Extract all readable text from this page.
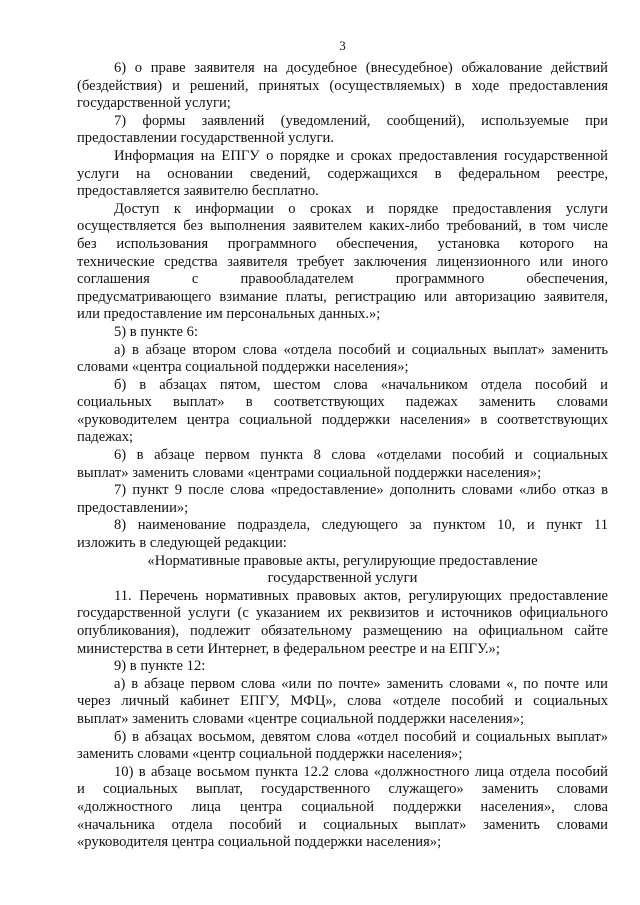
3
6) о праве заявителя на досудебное (внесудебное) обжалование действий
(бездействия) и решений, принятых (осуществляемых) в ходе предоставления
государственной услуги;
7) формы заявлений (уведомлений, сообщений), используемые при
предоставлении государственной услуги.
Информация на ЕПГУ о порядке и сроках предоставления государственной
услуги на основании сведений, содержащихся в федеральном реестре,
предоставляется заявителю бесплатно.
Доступ к информации о сроках и порядке предоставления услуги
осуществляется без выполнения заявителем каких-либо требований, в том числе
без использования программного обеспечения, установка которого на
технические средства заявителя требует заключения лицензионного или иного
соглашения с правообладателем программного обеспечения,
предусматривающего взимание платы, регистрацию или авторизацию заявителя,
или предоставление им персональных данных.»;
5) в пункте 6:
а) в абзаце втором слова «отдела пособий и социальных выплат» заменить
словами «центра социальной поддержки населения»;
б) в абзацах пятом, шестом слова «начальником отдела пособий и
социальных выплат» в соответствующих падежах заменить словами
«руководителем центра социальной поддержки населения» в соответствующих
падежах;
6) в абзаце первом пункта 8 слова «отделами пособий и социальных
выплат» заменить словами «центрами социальной поддержки населения»;
7) пункт 9 после слова «предоставление» дополнить словами «либо отказ в
предоставлении»;
8) наименование подраздела, следующего за пунктом 10, и пункт 11
изложить в следующей редакции:
«Нормативные правовые акты, регулирующие предоставление
государственной услуги
11. Перечень нормативных правовых актов, регулирующих предоставление
государственной услуги (с указанием их реквизитов и источников официального
опубликования), подлежит обязательному размещению на официальном сайте
министерства в сети Интернет, в федеральном реестре и на ЕПГУ.»;
9) в пункте 12:
а) в абзаце первом слова «или по почте» заменить словами «, по почте или
через личный кабинет ЕПГУ, МФЦ», слова «отделе пособий и социальных
выплат» заменить словами «центре социальной поддержки населения»;
б) в абзацах восьмом, девятом слова «отдел пособий и социальных выплат»
заменить словами «центр социальной поддержки населения»;
10) в абзаце восьмом пункта 12.2 слова «должностного лица отдела пособий
и социальных выплат, государственного служащего» заменить словами
«должностного лица центра социальной поддержки населения», слова
«начальника отдела пособий и социальных выплат» заменить словами
«руководителя центра социальной поддержки населения»;
